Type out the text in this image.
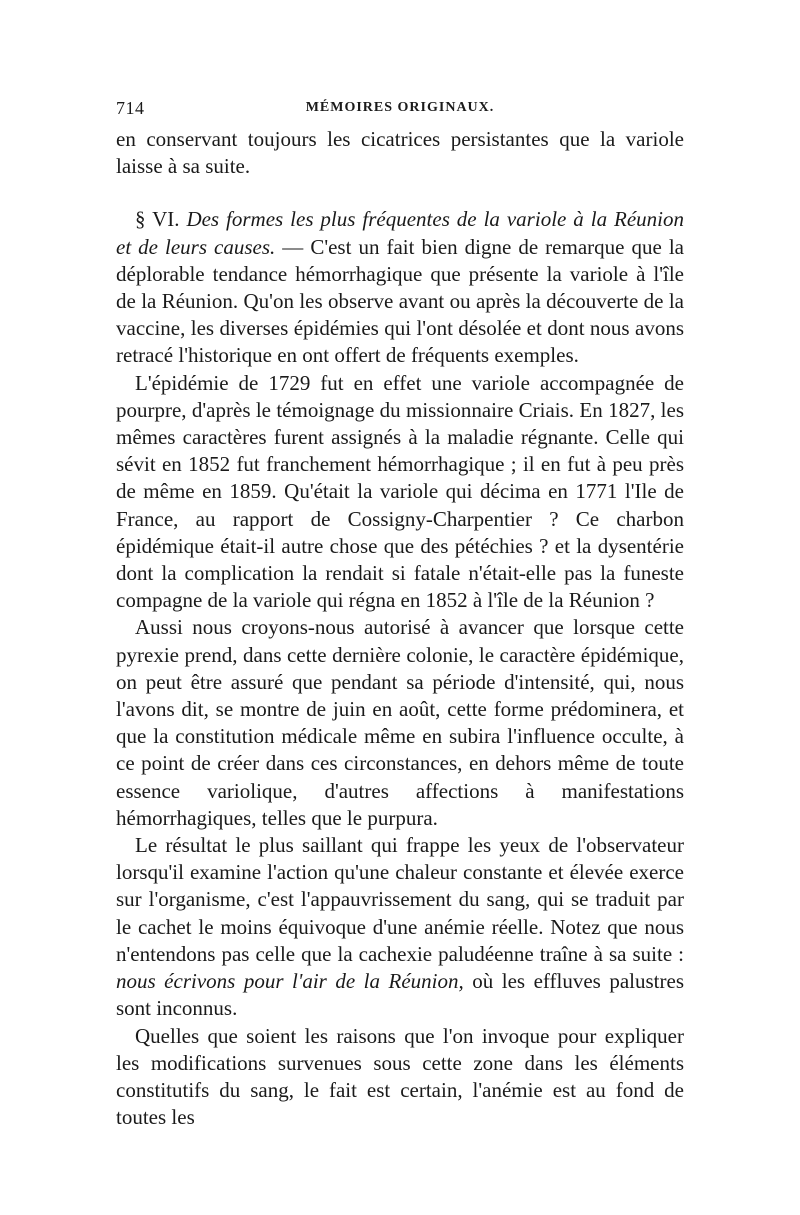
714	MÉMOIRES ORIGINAUX.

en conservant toujours les cicatrices persistantes que la variole laisse à sa suite.

§ VI. Des formes les plus fréquentes de la variole à la Réunion et de leurs causes. — C'est un fait bien digne de remarque que la déplorable tendance hémorrhagique que présente la variole à l'île de la Réunion. Qu'on les observe avant ou après la découverte de la vaccine, les diverses épidémies qui l'ont désolée et dont nous avons retracé l'historique en ont offert de fréquents exemples.

L'épidémie de 1729 fut en effet une variole accompagnée de pourpre, d'après le témoignage du missionnaire Criais. En 1827, les mêmes caractères furent assignés à la maladie régnante. Celle qui sévit en 1852 fut franchement hémorrhagique ; il en fut à peu près de même en 1859. Qu'était la variole qui décima en 1771 l'Ile de France, au rapport de Cossigny-Charpentier ? Ce charbon épidémique était-il autre chose que des pétéchies ? et la dysentérie dont la complication la rendait si fatale n'était-elle pas la funeste compagne de la variole qui régna en 1852 à l'île de la Réunion ?

Aussi nous croyons-nous autorisé à avancer que lorsque cette pyrexie prend, dans cette dernière colonie, le caractère épidémique, on peut être assuré que pendant sa période d'intensité, qui, nous l'avons dit, se montre de juin en août, cette forme prédominera, et que la constitution médicale même en subira l'influence occulte, à ce point de créer dans ces circonstances, en dehors même de toute essence variolique, d'autres affections à manifestations hémorrhagiques, telles que le purpura.

Le résultat le plus saillant qui frappe les yeux de l'observateur lorsqu'il examine l'action qu'une chaleur constante et élevée exerce sur l'organisme, c'est l'appauvrissement du sang, qui se traduit par le cachet le moins équivoque d'une anémie réelle. Notez que nous n'entendons pas celle que la cachexie paludéenne traîne à sa suite : nous écrivons pour l'air de la Réunion, où les effluves palustres sont inconnus.

Quelles que soient les raisons que l'on invoque pour expliquer les modifications survenues sous cette zone dans les éléments constitutifs du sang, le fait est certain, l'anémie est au fond de toutes les
